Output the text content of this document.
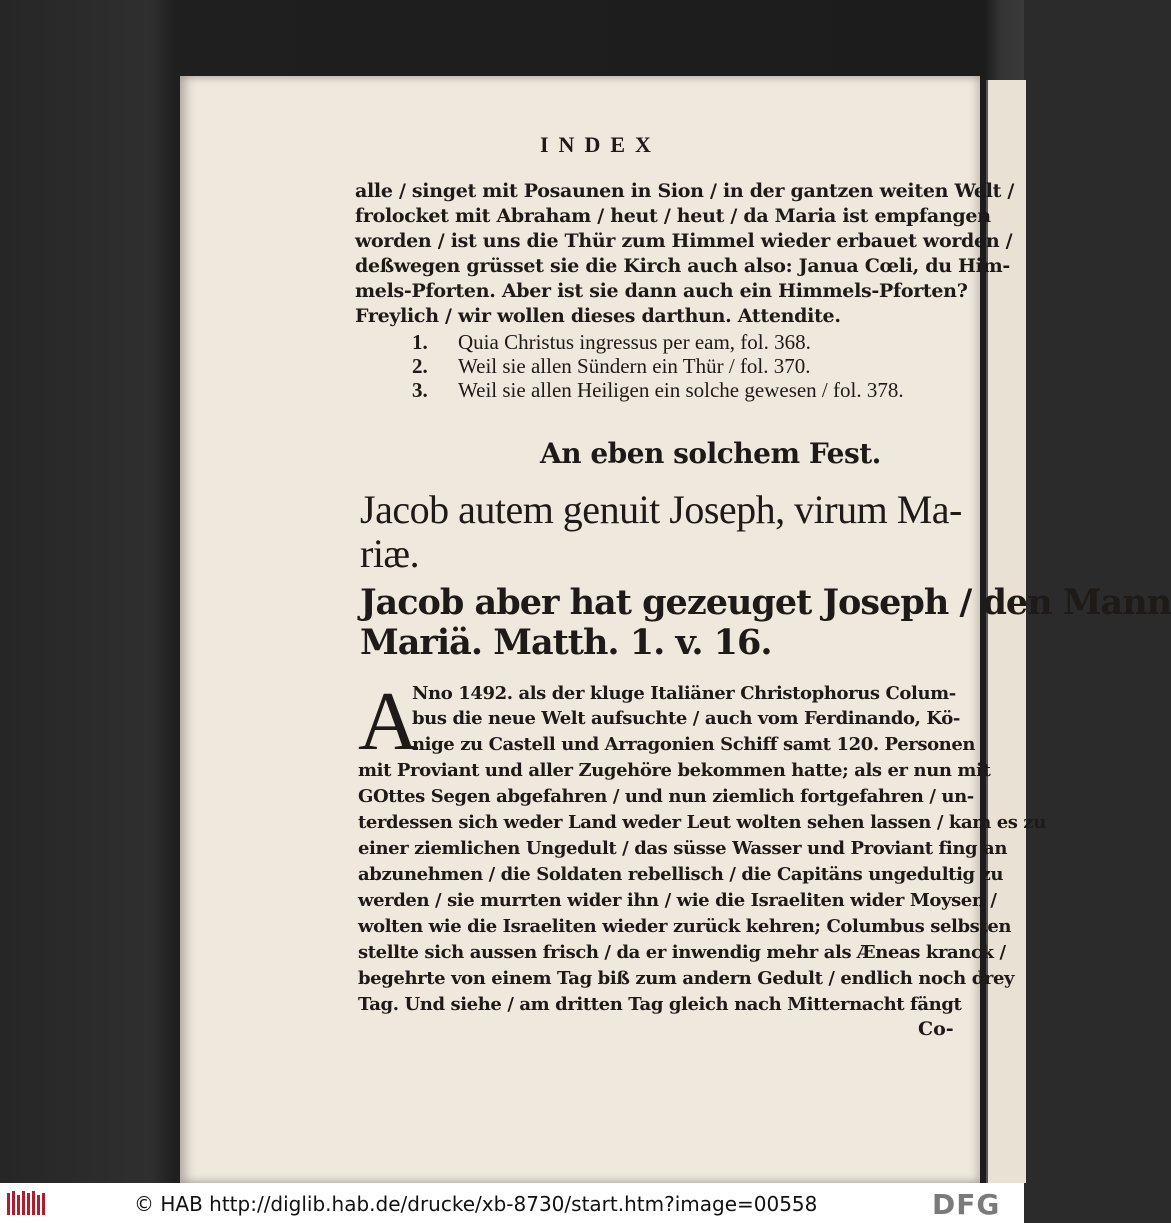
INDEX
alle / singet mit Posaunen in Sion / in der gantzen weiten Welt /
frolocket mit Abraham / heut / heut / da Maria ist empfangen
worden / ist uns die Thür zum Himmel wieder erbauet worden /
deßwegen grüsset sie die Kirch auch also: Janua Cœli, du Him-
mels-Pforten. Aber ist sie dann auch ein Himmels-Pforten?
Freylich / wir wollen dieses darthun. Attendite.
1. Quia Christus ingressus per eam, fol. 368.
2. Weil sie allen Sündern ein Thür / fol. 370.
3. Weil sie allen Heiligen ein solche gewesen / fol. 378.
An eben solchem Fest.
Jacob autem genuit Joseph, virum Ma-
riæ.
Jacob aber hat gezeuget Joseph / den Mann
Mariä. Matth. 1. v. 16.
A
Nno 1492. als der kluge Italiäner Christophorus Colum-
bus die neue Welt aufsuchte / auch vom Ferdinando, Kö-
nige zu Castell und Arragonien Schiff samt 120. Personen
mit Proviant und aller Zugehöre bekommen hatte; als er nun mit
GOttes Segen abgefahren / und nun ziemlich fortgefahren / un-
terdessen sich weder Land weder Leut wolten sehen lassen / kam es zu
einer ziemlichen Ungedult / das süsse Wasser und Proviant fing an
abzunehmen / die Soldaten rebellisch / die Capitäns ungedultig zu
werden / sie murrten wider ihn / wie die Israeliten wider Moysen /
wolten wie die Israeliten wieder zurück kehren; Columbus selbsten
stellte sich aussen frisch / da er inwendig mehr als Æneas kranck /
begehrte von einem Tag biß zum andern Gedult / endlich noch drey
Tag. Und siehe / am dritten Tag gleich nach Mitternacht fängt
Co-
© HAB http://diglib.hab.de/drucke/xb-8730/start.htm?image=00558	DFG
